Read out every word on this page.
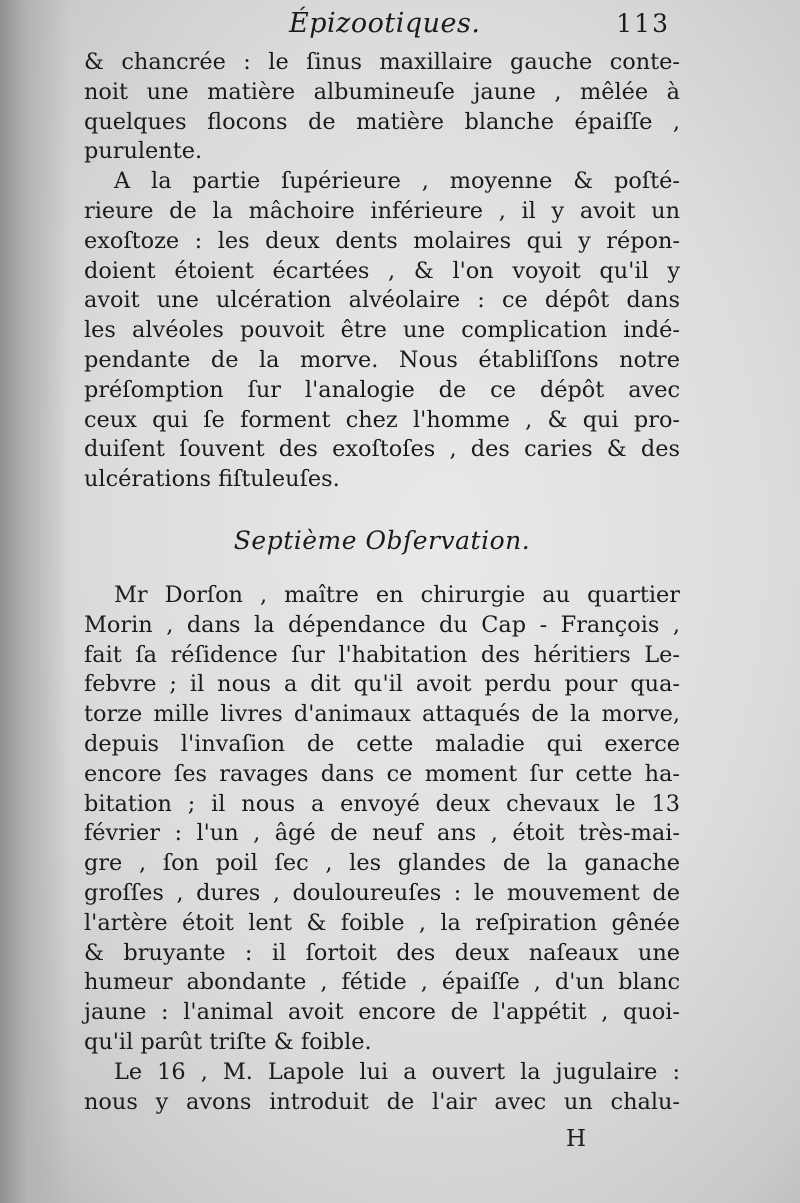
Épizootiques.	113
& chancrée : le ſinus maxillaire gauche conte-
noit une matière albumineuſe jaune , mêlée à
quelques flocons de matière blanche épaiſſe ,
purulente.
A la partie ſupérieure , moyenne & poſté-
rieure de la mâchoire inférieure , il y avoit un
exoſtoze : les deux dents molaires qui y répon-
doient étoient écartées , & l'on voyoit qu'il y
avoit une ulcération alvéolaire : ce dépôt dans
les alvéoles pouvoit être une complication indé-
pendante de la morve. Nous établiſſons notre
préſomption ſur l'analogie de ce dépôt avec
ceux qui ſe forment chez l'homme , & qui pro-
duiſent ſouvent des exoſtoſes , des caries & des
ulcérations fiſtuleuſes.
Septième Obſervation.
Mr Dorſon , maître en chirurgie au quartier
Morin , dans la dépendance du Cap - François ,
fait ſa réſidence ſur l'habitation des héritiers Le-
febvre ; il nous a dit qu'il avoit perdu pour qua-
torze mille livres d'animaux attaqués de la morve,
depuis l'invaſion de cette maladie qui exerce
encore ſes ravages dans ce moment ſur cette ha-
bitation ; il nous a envoyé deux chevaux le 13
février : l'un , âgé de neuf ans , étoit très-mai-
gre , ſon poil ſec , les glandes de la ganache
groſſes , dures , douloureuſes : le mouvement de
l'artère étoit lent & foible , la reſpiration gênée
& bruyante : il ſortoit des deux naſeaux une
humeur abondante , fétide , épaiſſe , d'un blanc
jaune : l'animal avoit encore de l'appétit , quoi-
qu'il parût triſte & foible.
Le 16 , M. Lapole lui a ouvert la jugulaire :
nous y avons introduit de l'air avec un chalu-
H
